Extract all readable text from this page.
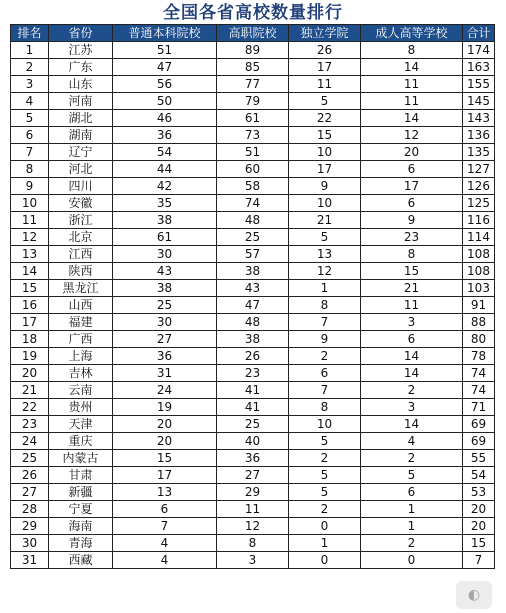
全国各省高校数量排行
排名	省份	普通本科院校	高职院校	独立学院	成人高等学校	合计
1	江苏	51	89	26	8	174
2	广东	47	85	17	14	163
3	山东	56	77	11	11	155
4	河南	50	79	5	11	145
5	湖北	46	61	22	14	143
6	湖南	36	73	15	12	136
7	辽宁	54	51	10	20	135
8	河北	44	60	17	6	127
9	四川	42	58	9	17	126
10	安徽	35	74	10	6	125
11	浙江	38	48	21	9	116
12	北京	61	25	5	23	114
13	江西	30	57	13	8	108
14	陕西	43	38	12	15	108
15	黑龙江	38	43	1	21	103
16	山西	25	47	8	11	91
17	福建	30	48	7	3	88
18	广西	27	38	9	6	80
19	上海	36	26	2	14	78
20	吉林	31	23	6	14	74
21	云南	24	41	7	2	74
22	贵州	19	41	8	3	71
23	天津	20	25	10	14	69
24	重庆	20	40	5	4	69
25	内蒙古	15	36	2	2	55
26	甘肃	17	27	5	5	54
27	新疆	13	29	5	6	53
28	宁夏	6	11	2	1	20
29	海南	7	12	0	1	20
30	青海	4	8	1	2	15
31	西藏	4	3	0	0	7
◐
